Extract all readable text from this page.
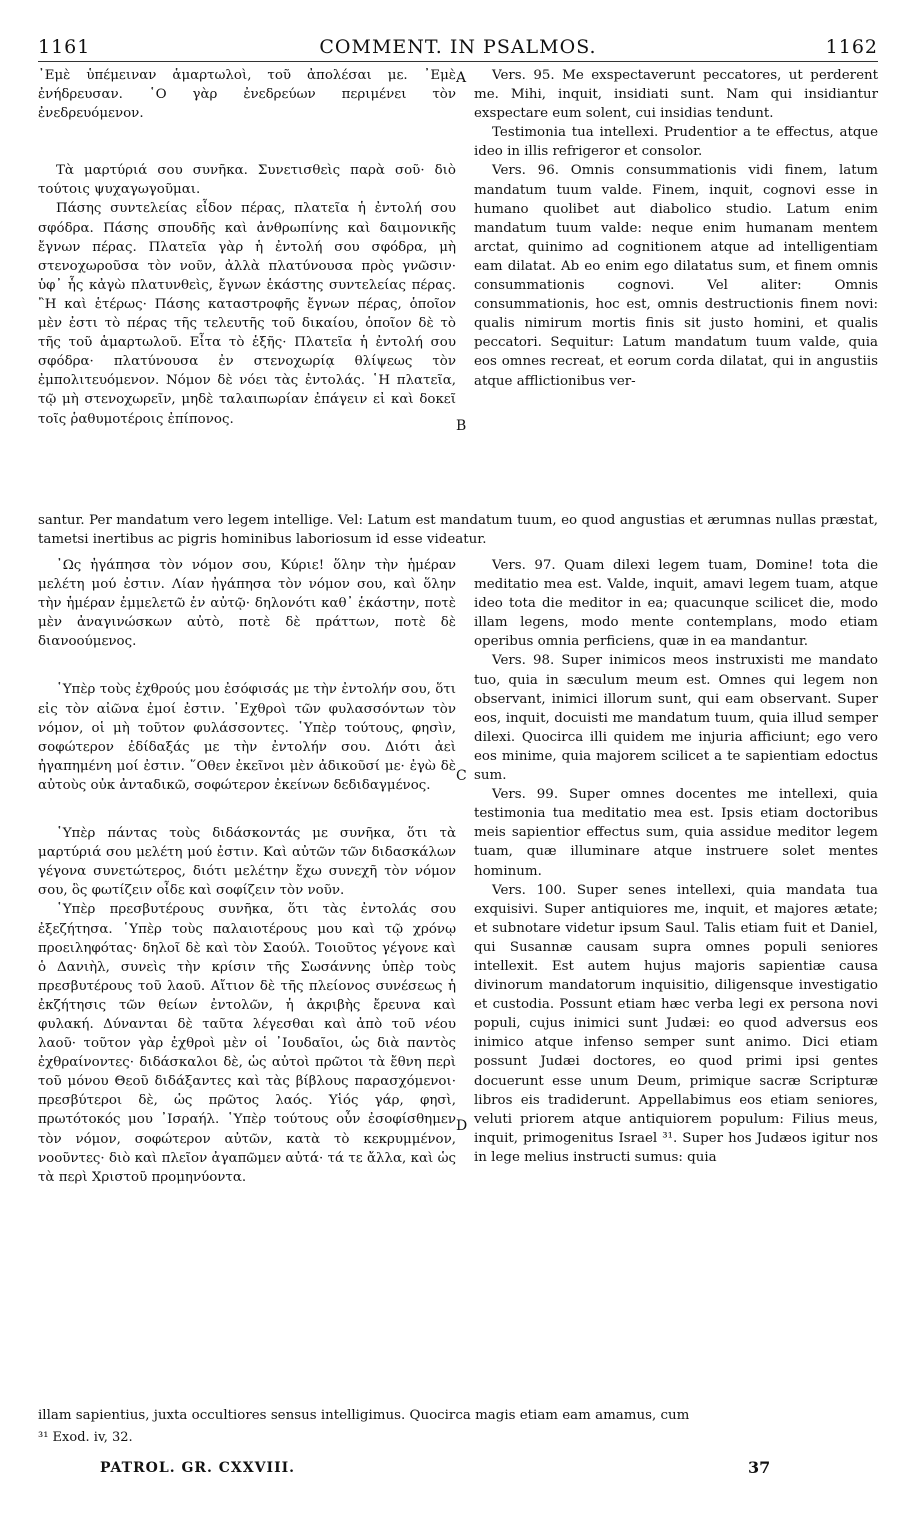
1161	COMMENT. IN PSALMOS.	1162

᾿Εμὲ ὑπέμειναν ἁμαρτωλοὶ, τοῦ ἀπολέσαι με. ᾿Εμὲ ἐνήδρευσαν. ῾Ο γὰρ ἐνεδρεύων περιμένει τὸν ἐνεδρευόμενον.

Τὰ μαρτύριά σου συνῆκα. Συνετισθεὶς παρὰ σοῦ· διὸ τούτοις ψυχαγωγοῦμαι.

Πάσης συντελείας εἶδον πέρας, πλατεῖα ἡ ἐντολή σου σφόδρα. Πάσης σπουδῆς καὶ ἀνθρωπίνης καὶ δαιμονικῆς ἔγνων πέρας. Πλατεῖα γὰρ ἡ ἐντολή σου σφόδρα, μὴ στενοχωροῦσα τὸν νοῦν, ἀλλὰ πλατύνουσα πρὸς γνῶσιν· ὑφ᾿ ἧς κἀγὼ πλατυνθεὶς, ἔγνων ἑκάστης συντελείας πέρας. ῍Η καὶ ἑτέρως· Πάσης καταστροφῆς ἔγνων πέρας, ὁποῖον μὲν ἐστι τὸ πέρας τῆς τελευτῆς τοῦ δικαίου, ὁποῖον δὲ τὸ τῆς τοῦ ἁμαρτωλοῦ. Εἶτα τὸ ἑξῆς· Πλατεῖα ἡ ἐντολή σου σφόδρα· πλατύνουσα ἐν στενοχωρίᾳ θλίψεως τὸν ἐμπολιτευόμενον. Νόμον δὲ νόει τὰς ἐντολάς. ῾Η πλατεῖα, τῷ μὴ στενοχωρεῖν, μηδὲ ταλαιπωρίαν ἐπάγειν εἰ καὶ δοκεῖ τοῖς ῥαθυμοτέροις ἐπίπονος.

Vers. 95. Me exspectaverunt peccatores, ut perderent me. Mihi, inquit, insidiati sunt. Nam qui insidiantur exspectare eum solent, cui insidias tendunt.

Testimonia tua intellexi. Prudentior a te effectus, atque ideo in illis refrigeror et consolor.

Vers. 96. Omnis consummationis vidi finem, latum mandatum tuum valde. Finem, inquit, cognovi esse in humano quolibet aut diabolico studio. Latum enim mandatum tuum valde: neque enim humanam mentem arctat, quinimo ad cognitionem atque ad intelligentiam eam dilatat. Ab eo enim ego dilatatus sum, et finem omnis consummationis cognovi. Vel aliter: Omnis consummationis, hoc est, omnis destructionis finem novi: qualis nimirum mortis finis sit justo homini, et qualis peccatori. Sequitur: Latum mandatum tuum valde, quia eos omnes recreat, et eorum corda dilatat, qui in angustiis atque afflictionibus ver-

santur. Per mandatum vero legem intellige. Vel: Latum est mandatum tuum, eo quod angustias et ærumnas nullas præstat, tametsi inertibus ac pigris hominibus laboriosum id esse videatur.

᾿Ως ἠγάπησα τὸν νόμον σου, Κύριε! ὅλην τὴν ἡμέραν μελέτη μού ἐστιν. Λίαν ἠγάπησα τὸν νόμον σου, καὶ ὅλην τὴν ἡμέραν ἐμμελετῶ ἐν αὐτῷ· δηλονότι καθ᾿ ἑκάστην, ποτὲ μὲν ἀναγινώσκων αὐτὸ, ποτὲ δὲ πράττων, ποτὲ δὲ διανοούμενος.

῾Υπὲρ τοὺς ἐχθρούς μου ἐσόφισάς με τὴν ἐντολήν σου, ὅτι εἰς τὸν αἰῶνα ἐμοί ἐστιν. ᾿Εχθροὶ τῶν φυλασσόντων τὸν νόμον, οἱ μὴ τοῦτον φυλάσσοντες. ῾Υπὲρ τούτους, φησὶν, σοφώτερον ἐδίδαξάς με τὴν ἐντολήν σου. Διότι ἀεὶ ἠγαπημένη μοί ἐστιν. ῞Οθεν ἐκεῖνοι μὲν ἀδικοῦσί με· ἐγὼ δὲ αὐτοὺς οὐκ ἀνταδικῶ, σοφώτερον ἐκείνων δεδιδαγμένος.

῾Υπὲρ πάντας τοὺς διδάσκοντάς με συνῆκα, ὅτι τὰ μαρτύριά σου μελέτη μού ἐστιν. Καὶ αὐτῶν τῶν διδασκάλων γέγονα συνετώτερος, διότι μελέτην ἔχω συνεχῆ τὸν νόμον σου, ὃς φωτίζειν οἶδε καὶ σοφίζειν τὸν νοῦν.

῾Υπὲρ πρεσβυτέρους συνῆκα, ὅτι τὰς ἐντολάς σου ἐξεζήτησα. ῾Υπὲρ τοὺς παλαιοτέρους μου καὶ τῷ χρόνῳ προειληφότας· δηλοῖ δὲ καὶ τὸν Σαούλ. Τοιοῦτος γέγονε καὶ ὁ Δανιὴλ, συνεὶς τὴν κρίσιν τῆς Σωσάννης ὑπὲρ τοὺς πρεσβυτέρους τοῦ λαοῦ. Αἴτιον δὲ τῆς πλείονος συνέσεως ἡ ἐκζήτησις τῶν θείων ἐντολῶν, ἡ ἀκριβὴς ἔρευνα καὶ φυλακή. Δύνανται δὲ ταῦτα λέγεσθαι καὶ ἀπὸ τοῦ νέου λαοῦ· τοῦτον γὰρ ἐχθροὶ μὲν οἱ ᾿Ιουδαῖοι, ὡς διὰ παντὸς ἐχθραίνοντες· διδάσκαλοι δὲ, ὡς αὐτοὶ πρῶτοι τὰ ἔθνη περὶ τοῦ μόνου Θεοῦ διδάξαντες καὶ τὰς βίβλους παρασχόμενοι· πρεσβύτεροι δὲ, ὡς πρῶτος λαός. Υἱός γάρ, φησὶ, πρωτότοκός μου ᾿Ισραήλ. ῾Υπὲρ τούτους οὖν ἐσοφίσθημεν τὸν νόμον, σοφώτερον αὐτῶν, κατὰ τὸ κεκρυμμένον, νοοῦντες· διὸ καὶ πλεῖον ἀγαπῶμεν αὐτά· τά τε ἄλλα, καὶ ὡς τὰ περὶ Χριστοῦ προμηνύοντα.

Vers. 97. Quam dilexi legem tuam, Domine! tota die meditatio mea est. Valde, inquit, amavi legem tuam, atque ideo tota die meditor in ea; quacunque scilicet die, modo illam legens, modo mente contemplans, modo etiam operibus omnia perficiens, quæ in ea mandantur.

Vers. 98. Super inimicos meos instruxisti me mandato tuo, quia in sæculum meum est. Omnes qui legem non observant, inimici illorum sunt, qui eam observant. Super eos, inquit, docuisti me mandatum tuum, quia illud semper dilexi. Quocirca illi quidem me injuria afficiunt; ego vero eos minime, quia majorem scilicet a te sapientiam edoctus sum.

Vers. 99. Super omnes docentes me intellexi, quia testimonia tua meditatio mea est. Ipsis etiam doctoribus meis sapientior effectus sum, quia assidue meditor legem tuam, quæ illuminare atque instruere solet mentes hominum.

Vers. 100. Super senes intellexi, quia mandata tua exquisivi. Super antiquiores me, inquit, et majores ætate; et subnotare videtur ipsum Saul. Talis etiam fuit et Daniel, qui Susannæ causam supra omnes populi seniores intellexit. Est autem hujus majoris sapientiæ causa divinorum mandatorum inquisitio, diligensque investigatio et custodia. Possunt etiam hæc verba legi ex persona novi populi, cujus inimici sunt Judæi: eo quod adversus eos inimico atque infenso semper sunt animo. Dici etiam possunt Judæi doctores, eo quod primi ipsi gentes docuerunt esse unum Deum, primique sacræ Scripturæ libros eis tradiderunt. Appellabimus eos etiam seniores, veluti priorem atque antiquiorem populum: Filius meus, inquit, primogenitus Israel ³¹. Super hos Judæos igitur nos in lege melius instructi sumus: quia

illam sapientius, juxta occultiores sensus intelligimus. Quocirca magis etiam eam amamus, cum
A
B
C
D
³¹ Exod. iv, 32.
PATROL. GR. CXXVIII.	37
